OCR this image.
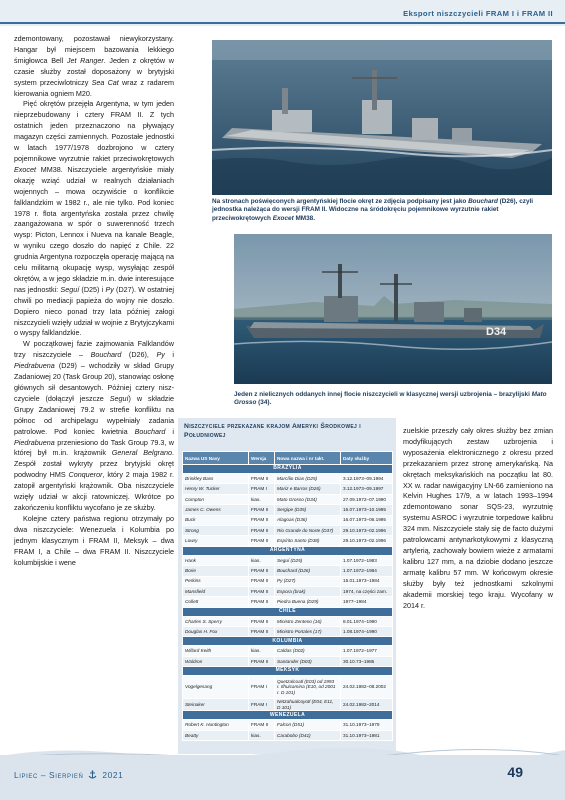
Eksport niszczycieli FRAM I i FRAM II

zdemontowany, pozostawał niewykorzystany. Hangar był miejscem bazowania lekkiego śmigłowca Bell Jet Ranger. Jeden z okrętów w czasie służby został doposażony w brytyjski system przeciwlotniczy Sea Cat wraz z radarem kierowania ogniem M20.

Pięć okrętów przejęła Argentyna, w tym jeden nieprzebudowany i cztery FRAM II. Z tych ostatnich jeden przeznaczono na pływający magazyn części zamiennych. Pozostałe jednostki w latach 1977/1978 dozbrojono w cztery pojemnikowe wyrzutnie rakiet przeciwokrętowych Exocet MM38. Niszczyciele argentyńskie miały okazję wziąć udział w realnych działaniach wojennych – mowa oczywiście o konflikcie falklandzkim w 1982 r., ale nie tylko. Pod koniec 1978 r. flota argentyńska została przez chwilę zaangażowana w spór o suwerenność trzech wysp: Picton, Lennox i Nueva na kanale Beagle, w wyniku czego doszło do napięć z Chile. 22 grudnia Argentyna rozpoczęła operację mającą na celu militarną okupację wysp, wysyłając zespół okrętów, a w jego składzie m.in. dwie interesujące nas jednostki: Seguí (D25) i Py (D27). W ostatniej chwili po mediacji papieża do wojny nie doszło. Dopiero nieco ponad trzy lata później załogi niszczycieli wzięły udział w wojnie z Brytyjczykami o wyspy falklandzkie.

W początkowej fazie zajmowania Falklandów trzy niszczyciele – Bouchard (D26), Py i Piedrabuena (D29) – wchodziły w skład Grupy Zadaniowej 20 (Task Group 20), stanowiąc osłonę głównych sił desantowych. Później cztery niszczyciele (dołączył jeszcze Seguí) w składzie Grupy Zadaniowej 79.2 w strefie konfliktu na północ od archipelagu wypełniały zadania patrolowe. Pod koniec kwietnia Bouchard i Piedrabuena przeniesiono do Task Group 79.3, w której był m.in. krążownik General Belgrano. Zespół został wykryty przez brytyjski okręt podwodny HMS Conqueror, który 2 maja 1982 r. zatopił argentyński krążownik. Oba niszczyciele wzięły udział w akcji ratowniczej. Wkrótce po zakończeniu konfliktu wycofano je ze służby.

Kolejne cztery państwa regionu otrzymały po dwa niszczyciele: Wenezuela i Kolumbia po jednym klasycznym i FRAM II, Meksyk – dwa FRAM I, a Chile – dwa FRAM II. Niszczyciele kolumbijskie i wene

Na stronach poświęconych argentyńskiej flocie okręt ze zdjęcia podpisany jest jako Bouchard (D26), czyli jednostka należąca do wersji FRAM II. Widoczne na śródokręciu pojemnikowe wyrzutnie rakiet przeciwokrętowych Exocet MM38.
D34
Jeden z nielicznych oddanych innej flocie niszczycieli w klasycznej wersji uzbrojenia – brazylijski Mato Grosso (34).
Niszczyciele przekazane krajom Ameryki Środkowej i Południowej
Nazwa US Navy	Wersja	Nowa nazwa i nr takt.	Daty służby
BRAZYLIA			
Brinkley Bass	FRAM II	Marcílio Dias (D25)	3.12.1973–09.1994
Henry W. Tucker	FRAM I	Mariz e Barros (D26)	3.12.1973–09.1997
Compton	kias.	Mato Grosso (D34)	27.09.1972–07.1990
James C. Owens	FRAM II	Sergipe (D35)	16.07.1973–10.1995
Buck	FRAM II	Alagoas (D36)	16.07.1973–06.1995
Strong	FRAM II	Rio Grande do Norte (D37)	29.10.1973–02.1996
Lowry	FRAM II	Espírito Santo (D38)	29.10.1973–02.1996
ARGENTYNA			
Hank	kias.	Seguí (D25)	1.07.1972–1983
Borie	FRAM II	Bouchard (D26)	1.07.1972–1984
Perkins	FRAM II	Py (D27)	15.01.1973–1984
Mansfield	FRAM II	Espora (brak)	1974, na części zam.
Collett	FRAM II	Piedra Buena (D29)	1977–1984
CHILE			
Charles S. Sperry	FRAM II	Ministro Zenteno (16)	8.01.1974–1990
Douglas H. Fox	FRAM II	Ministro Portales (17)	1.08.1974–1990
KOLUMBIA			
Willard Keith	kias.	Caldas (D02)	1.07.1972–1977
Waldron	FRAM II	Santander (D03)	30.10.73–1986
MEKSYK			
Vogelgesang	FRAM I	Quetzalcoatl (E03) od 1993 r. Ilhuicamina (E10, od 2001 r. D 101)	24.02.1982–08.2002
Steinaker	FRAM I	Netzahualcoyotl (E04, E11, D 101)	24.02.1982–2014
WENEZUELA			
Robert K. Huntington	FRAM II	Falcon (D51)	31.10.1973–1979
Beatty	kias.	Carabobo (D41)	31.10.1973–1981

zuelskie przeszły cały okres służby bez zmian modyfikujących zestaw uzbrojenia i wyposażenia elektronicznego z okresu przed przekazaniem przez stronę amerykańską. Na okrętach meksykańskich na początku lat 80. XX w. radar nawigacyjny LN-66 zamieniono na Kelvin Hughes 17/9, a w latach 1993–1994 zdemontowano sonar SQS-23, wyrzutnię systemu ASROC i wyrzutnie torpedowe kalibru 324 mm. Niszczyciele stały się de facto dużymi patrolowcami antynarkotykowymi z klasyczną artylerią, zachowały bowiem wieże z armatami kalibru 127 mm, a na dziobie dodano jeszcze armatę kalibru 57 mm. W końcowym okresie służby były też jednostkami szkolnymi akademii morskiej tego kraju. Wycofany w 2014 r.

Lipiec – Sierpień 2021	49
